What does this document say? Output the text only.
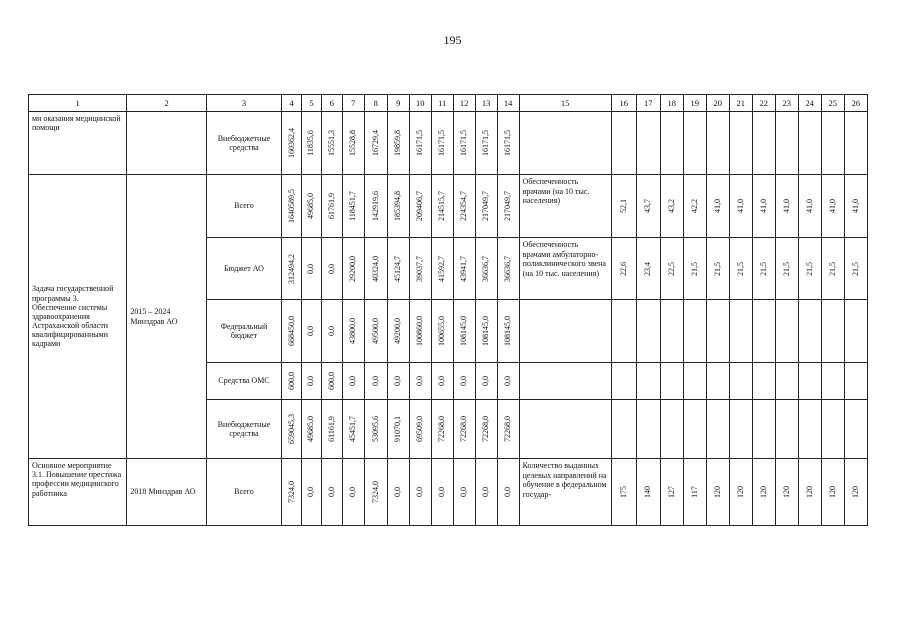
195
1	2	3	4	5	6	7	8	9	10	11	12	13	14	15	16	17	18	19	20	21	22	23	24	25	26
ми оказания медицинской помощи		Внебюджетные средства	160362,4	11835,6	15551,3	15528,8	16729,4	19859,8	16171,5	16171,5	16171,5	16171,5	16171,5												

Задача государственной программы 3. Обеспечение системы здравоохранения Астраханской области квалифицированными кадрами	2015 – 2024 Минздрав АО	Всего	1640589,5	49685,0	61761,9	118451,7	142919,6	185394,8	209406,7	214515,7	224354,7	217049,7	217049,7	Обеспеченность врачами (на 10 тыс. населения)	52,1	43,7	43,2	42,2	41,0	41,0	41,0	41,0	41,0	41,0	41,0

		Бюджет АО	312494,2	0,0	0,0	29200,0	40324,0	45124,7	39037,7	41592,7	43941,7	36636,7	36636,7	Обеспеченность врачами амбулаторно-поликлинического звена (на 10 тыс. населения)	22,6	23,4	22,5	21,5	21,5	21,5	21,5	21,5	21,5	21,5	21,5

		Федеральный бюджет	668450,0	0,0	0,0	43800,0	49500,0	49200,0	100860,0	100655,0	108145,0	108145,0	108145,0												

		Средства ОМС	600,0	0,0	600,0	0,0	0,0	0,0	0,0	0,0	0,0	0,0	0,0												

		Внебюджетные средства	659045,3	49685,0	61161,9	45451,7	53095,6	91070,1	69509,0	72268,0	72268,0	72268,0	72268,0												

Основное мероприятие 3.1. Повышение престижа профессии медицинского работника	2018 Минздрав АО	Всего	7324,0	0,0	0,0	0,0	7324,0	0,0	0,0	0,0	0,0	0,0	0,0	Количество выданных целевых направлений на обучение в федеральном государ-	175	140	127	117	120	120	120	120	120	120	120
